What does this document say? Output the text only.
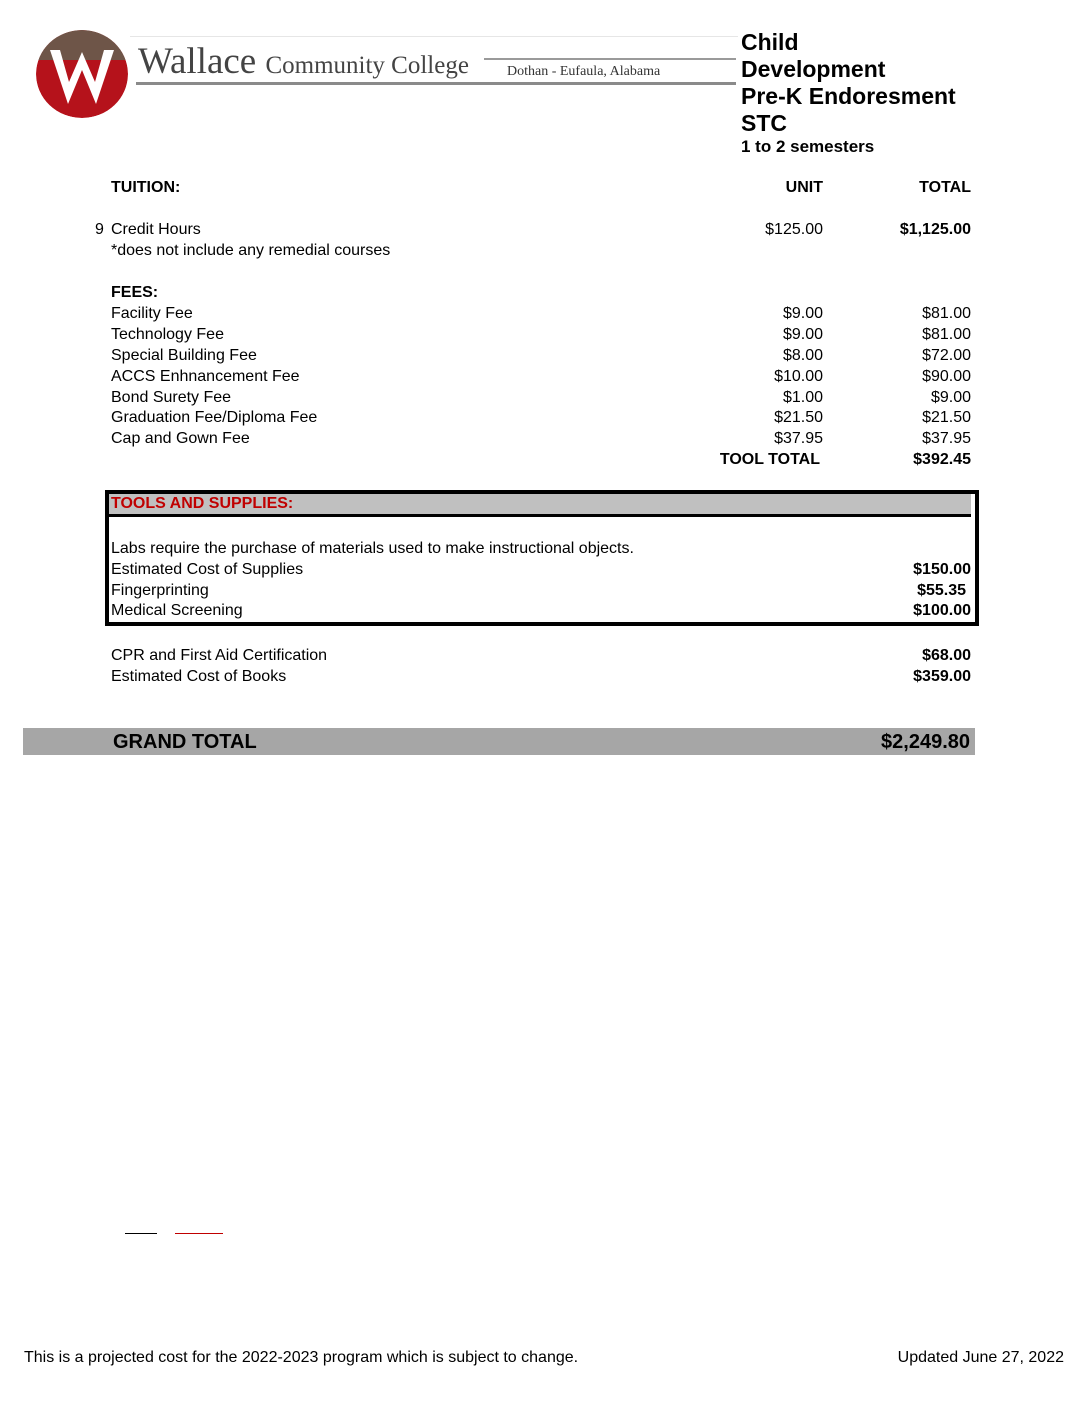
Wallace Community College	Dothan - Eufaula, Alabama
Child
Development
Pre-K Endoresment
STC
1 to 2 semesters
TUITION:	UNIT	TOTAL
9 Credit Hours	$125.00	$1,125.00
*does not include any remedial courses
FEES:
Facility Fee	$9.00	$81.00
Technology Fee	$9.00	$81.00
Special Building Fee	$8.00	$72.00
ACCS Enhnancement Fee	$10.00	$90.00
Bond Surety Fee	$1.00	$9.00
Graduation Fee/Diploma Fee	$21.50	$21.50
Cap and Gown Fee	$37.95	$37.95
TOOL TOTAL	$392.45
TOOLS AND SUPPLIES:
Labs require the purchase of materials used to make instructional objects.
Estimated Cost of Supplies	$150.00
Fingerprinting	$55.35
Medical Screening	$100.00
CPR and First Aid Certification	$68.00
Estimated Cost of Books	$359.00
GRAND TOTAL	$2,249.80
This is a projected cost for the 2022-2023 program which is subject to change.	Updated June 27, 2022
